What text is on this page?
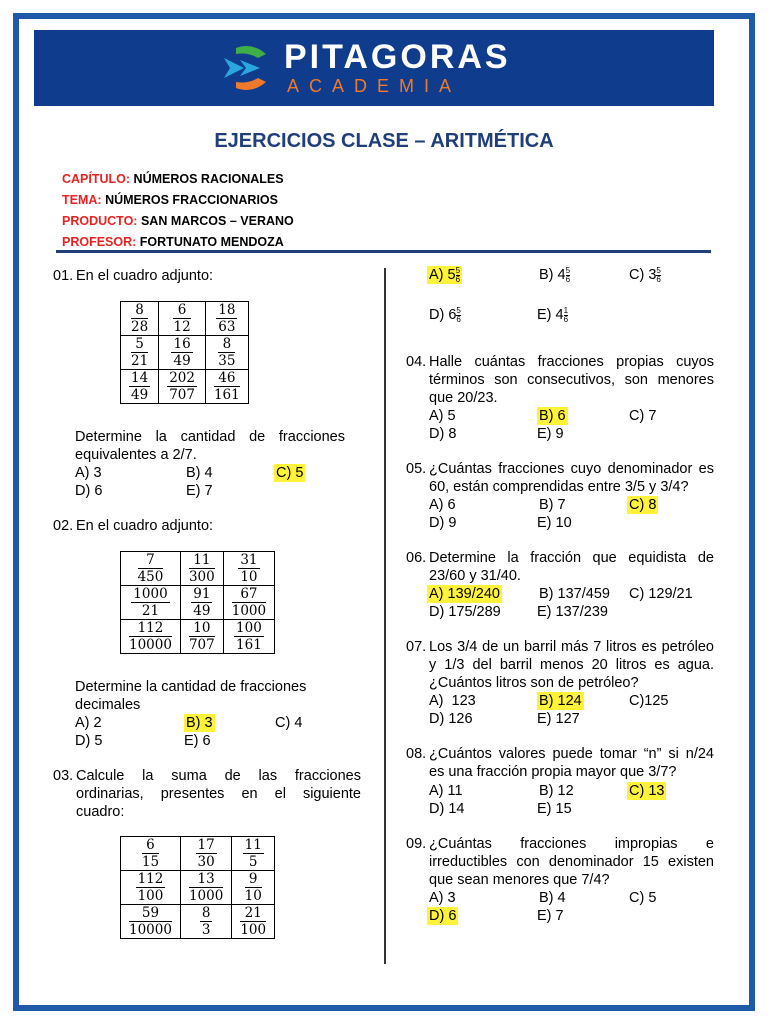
PITAGORAS
ACADEMIA
EJERCICIOS CLASE – ARITMÉTICA
CAPÍTULO: NÚMEROS RACIONALES
TEMA: NÚMEROS FRACCIONARIOS
PRODUCTO: SAN MARCOS – VERANO
PROFESOR: FORTUNATO MENDOZA
01. En el cuadro adjunto:
$\frac{8}{28}$	$\frac{6}{12}$	$\frac{18}{63}$

$\frac{5}{21}$	$\frac{16}{49}$	$\frac{8}{35}$

$\frac{14}{49}$	$\frac{202}{707}$	$\frac{46}{161}$
Determine la cantidad de fracciones equivalentes a 2/7.
A) 3	B) 4	C) 5
D) 6	E) 7
02. En el cuadro adjunto:
$\frac{7}{450}$	$\frac{11}{300}$	$\frac{31}{10}$

$\frac{1000}{21}$	$\frac{91}{49}$	$\frac{67}{1000}$

$\frac{112}{10000}$	$\frac{10}{707}$	$\frac{100}{161}$
Determine la cantidad de fracciones decimales
A) 2	B) 3	C) 4
D) 5	E) 6
03. Calcule la suma de las fracciones ordinarias, presentes en el siguiente cuadro:
$\frac{6}{15}$	$\frac{17}{30}$	$\frac{11}{5}$

$\frac{112}{100}$	$\frac{13}{1000}$	$\frac{9}{10}$

$\frac{59}{10000}$	$\frac{8}{3}$	$\frac{21}{100}$
A) $5 \frac{5}{6}$	B) $4 \frac{5}{6}$	C) $3 \frac{5}{6}$
D) $6 \frac{5}{6}$	E) $4 \frac{1}{6}$
04. Halle cuántas fracciones propias cuyos términos son consecutivos, son menores que 20/23.
A) 5	B) 6	C) 7
D) 8	E) 9
05. ¿Cuántas fracciones cuyo denominador es 60, están comprendidas entre 3/5 y 3/4?
A) 6	B) 7	C) 8
D) 9	E) 10
06. Determine la fracción que equidista de 23/60 y 31/40.
A) 139/240	B) 137/459 C) 129/21
D) 175/289	E) 137/239
07. Los 3/4 de un barril más 7 litros es petróleo y 1/3 del barril menos 20 litros es agua. ¿Cuántos litros son de petróleo?
A)  123	B) 124	C)125
D) 126	E) 127
08. ¿Cuántos valores puede tomar “n” si n/24 es una fracción propia mayor que 3/7?
A) 11	B) 12	C) 13
D) 14	E) 15
09. ¿Cuántas fracciones impropias e irreductibles con denominador 15 existen que sean menores que 7/4?
A) 3	B) 4	C) 5
D) 6	E) 7
